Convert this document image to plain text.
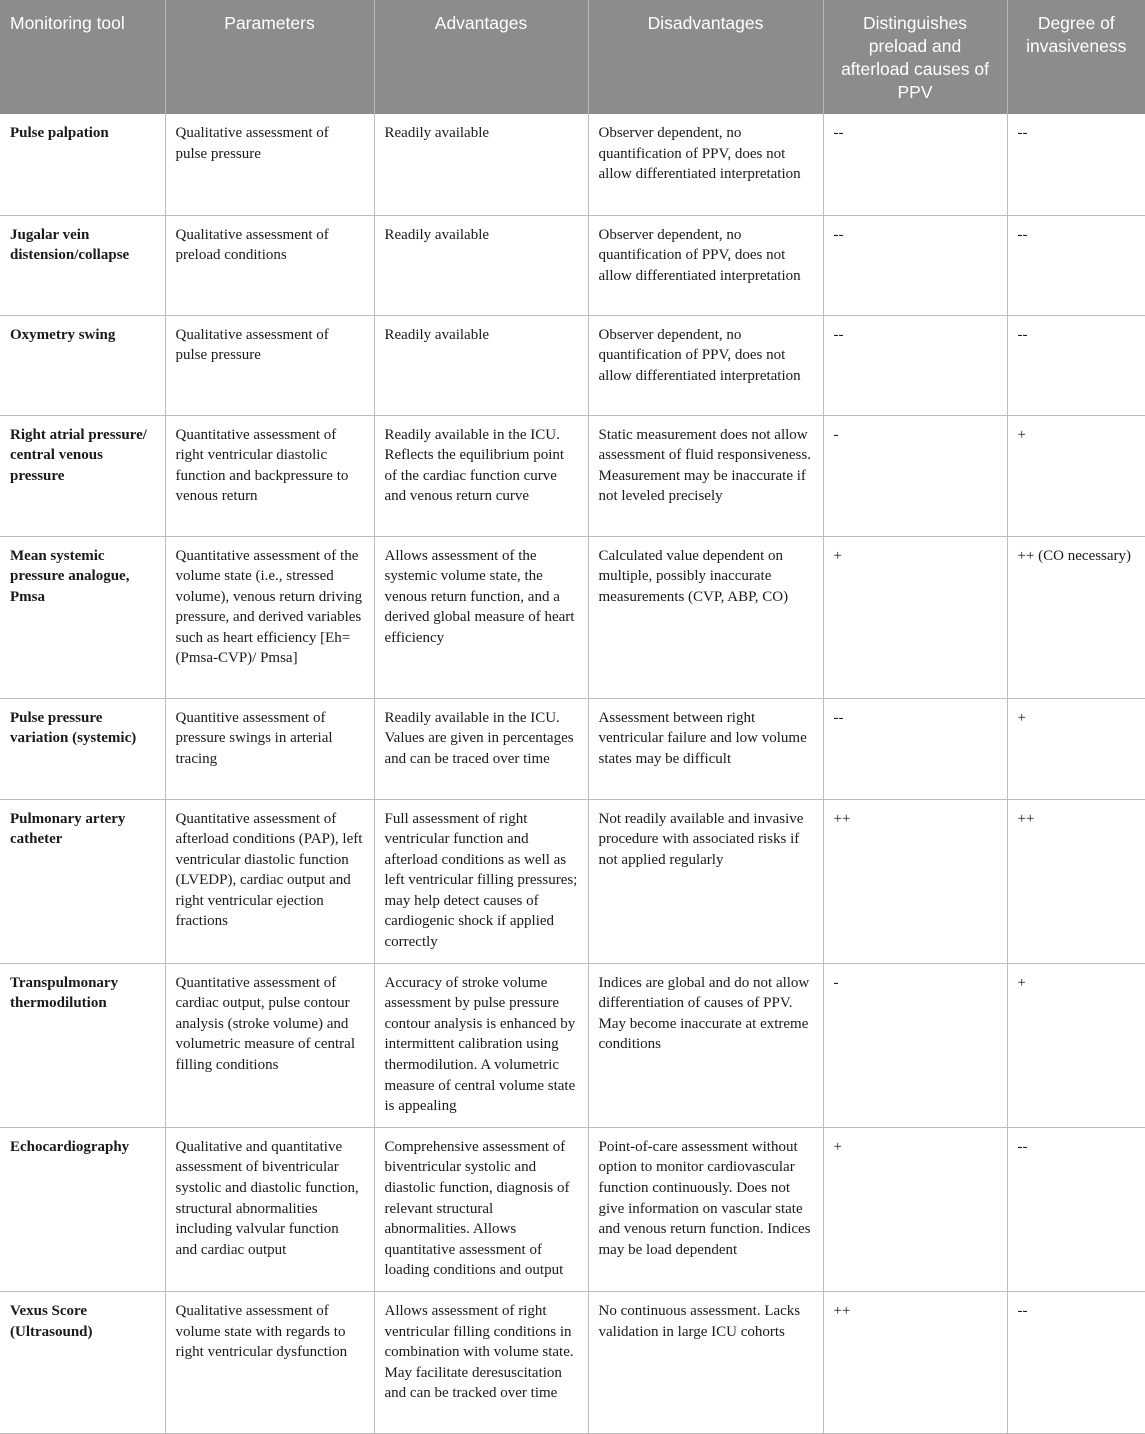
Monitoring tool	Parameters	Advantages	Disadvantages	Distinguishes preload and afterload causes of PPV	Degree of invasiveness
Pulse palpation	Qualitative assessment of pulse pressure	Readily available	Observer dependent, no quantification of PPV, does not allow differentiated interpretation	--	--
Jugalar vein distension/collapse	Qualitative assessment of preload conditions	Readily available	Observer dependent, no quantification of PPV, does not allow differentiated interpretation	--	--
Oxymetry swing	Qualitative assessment of pulse pressure	Readily available	Observer dependent, no quantification of PPV, does not allow differentiated interpretation	--	--
Right atrial pressure/ central venous pressure	Quantitative assessment of right ventricular diastolic function and backpressure to venous return	Readily available in the ICU. Reflects the equilibrium point of the cardiac function curve and venous return curve	Static measurement does not allow assessment of fluid responsiveness. Measurement may be inaccurate if not leveled precisely	-	+
Mean systemic pressure analogue, Pmsa	Quantitative assessment of the volume state (i.e., stressed volume), venous return driving pressure, and derived variables such as heart efficiency [Eh=(Pmsa-CVP)/ Pmsa]	Allows assessment of the systemic volume state, the venous return function, and a derived global measure of heart efficiency	Calculated value dependent on multiple, possibly inaccurate measurements (CVP, ABP, CO)	+	++ (CO necessary)
Pulse pressure variation (systemic)	Quantitive assessment of pressure swings in arterial tracing	Readily available in the ICU. Values are given in percentages and can be traced over time	Assessment between right ventricular failure and low volume states may be difficult	--	+
Pulmonary artery catheter	Quantitative assessment of afterload conditions (PAP), left ventricular diastolic function (LVEDP), cardiac output and right ventricular ejection fractions	Full assessment of right ventricular function and afterload conditions as well as left ventricular filling pressures; may help detect causes of cardiogenic shock if applied correctly	Not readily available and invasive procedure with associated risks if not applied regularly	++	++
Transpulmonary thermodilution	Quantitative assessment of cardiac output, pulse contour analysis (stroke volume) and volumetric measure of central filling conditions	Accuracy of stroke volume assessment by pulse pressure contour analysis is enhanced by intermittent calibration using thermodilution. A volumetric measure of central volume state is appealing	Indices are global and do not allow differentiation of causes of PPV. May become inaccurate at extreme conditions	-	+
Echocardiography	Qualitative and quantitative assessment of biventricular systolic and diastolic function, structural abnormalities including valvular function and cardiac output	Comprehensive assessment of biventricular systolic and diastolic function, diagnosis of relevant structural abnormalities. Allows quantitative assessment of loading conditions and output	Point-of-care assessment without option to monitor cardiovascular function continuously. Does not give information on vascular state and venous return function. Indices may be load dependent	+	--
Vexus Score (Ultrasound)	Qualitative assessment of volume state with regards to right ventricular dysfunction	Allows assessment of right ventricular filling conditions in combination with volume state. May facilitate deresuscitation and can be tracked over time	No continuous assessment. Lacks validation in large ICU cohorts	++	--
